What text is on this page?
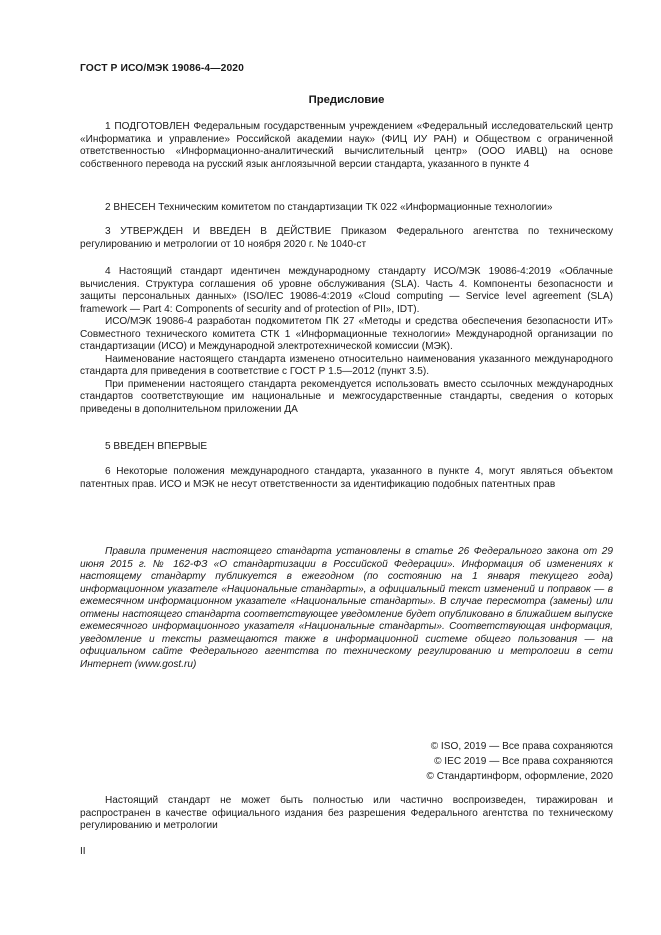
ГОСТ Р ИСО/МЭК 19086-4—2020
Предисловие

1 ПОДГОТОВЛЕН Федеральным государственным учреждением «Федеральный исследовательский центр «Информатика и управление» Российской академии наук» (ФИЦ ИУ РАН) и Обществом с ограниченной ответственностью «Информационно-аналитический вычислительный центр» (ООО ИАВЦ) на основе собственного перевода на русский язык англоязычной версии стандарта, указанного в пункте 4

2 ВНЕСЕН Техническим комитетом по стандартизации ТК 022 «Информационные технологии»

3 УТВЕРЖДЕН И ВВЕДЕН В ДЕЙСТВИЕ Приказом Федерального агентства по техническому регулированию и метрологии от 10 ноября 2020 г. № 1040-ст

4 Настоящий стандарт идентичен международному стандарту ИСО/МЭК 19086-4:2019 «Облачные вычисления. Структура соглашения об уровне обслуживания (SLA). Часть 4. Компоненты безопасности и защиты персональных данных» (ISO/IEC 19086-4:2019 «Cloud computing — Service level agreement (SLA) framework — Part 4: Components of security and of protection of PII», IDT).

ИСО/МЭК 19086-4 разработан подкомитетом ПК 27 «Методы и средства обеспечения безопасности ИТ» Совместного технического комитета СТК 1 «Информационные технологии» Международной организации по стандартизации (ИСО) и Международной электротехнической комиссии (МЭК).

Наименование настоящего стандарта изменено относительно наименования указанного международного стандарта для приведения в соответствие с ГОСТ Р 1.5—2012 (пункт 3.5).

При применении настоящего стандарта рекомендуется использовать вместо ссылочных международных стандартов соответствующие им национальные и межгосударственные стандарты, сведения о которых приведены в дополнительном приложении ДА

5 ВВЕДЕН ВПЕРВЫЕ

6 Некоторые положения международного стандарта, указанного в пункте 4, могут являться объектом патентных прав. ИСО и МЭК не несут ответственности за идентификацию подобных патентных прав

Правила применения настоящего стандарта установлены в статье 26 Федерального закона от 29 июня 2015 г. № 162-ФЗ «О стандартизации в Российской Федерации». Информация об изменениях к настоящему стандарту публикуется в ежегодном (по состоянию на 1 января текущего года) информационном указателе «Национальные стандарты», а официальный текст изменений и поправок — в ежемесячном информационном указателе «Национальные стандарты». В случае пересмотра (замены) или отмены настоящего стандарта соответствующее уведомление будет опубликовано в ближайшем выпуске ежемесячного информационного указателя «Национальные стандарты». Соответствующая информация, уведомление и тексты размещаются также в информационной системе общего пользования — на официальном сайте Федерального агентства по техническому регулированию и метрологии в сети Интернет (www.gost.ru)

© ISO, 2019 — Все права сохраняются
© IEC 2019 — Все права сохраняются
© Стандартинформ, оформление, 2020

Настоящий стандарт не может быть полностью или частично воспроизведен, тиражирован и распространен в качестве официального издания без разрешения Федерального агентства по техническому регулированию и метрологии

II
